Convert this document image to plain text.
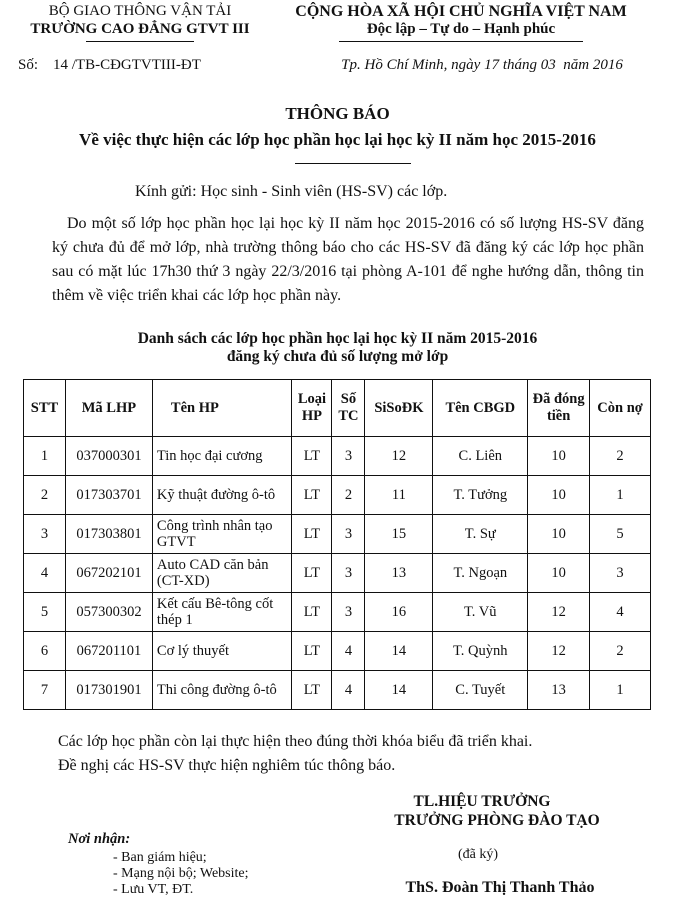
BỘ GIAO THÔNG VẬN TẢI
TRƯỜNG CAO ĐẲNG GTVT III
CỘNG HÒA XÃ HỘI CHỦ NGHĨA VIỆT NAM
Độc lập – Tự do – Hạnh phúc
Số:    14 /TB-CĐGTVTIII-ĐT	Tp. Hồ Chí Minh, ngày 17 tháng 03  năm 2016
THÔNG BÁO
Về việc thực hiện các lớp học phần học lại học kỳ II năm học 2015-2016
Kính gửi: Học sinh - Sinh viên (HS-SV) các lớp.
Do một số lớp học phần học lại học kỳ II năm học 2015-2016 có số lượng HS-SV đăng ký chưa đủ để mở lớp, nhà trường thông báo cho các HS-SV đã đăng ký các lớp học phần sau có mặt lúc 17h30 thứ 3 ngày 22/3/2016 tại phòng A-101 để nghe hướng dẫn, thông tin thêm về việc triển khai các lớp học phần này.
Danh sách các lớp học phần học lại học kỳ II năm 2015-2016
đăng ký chưa đủ số lượng mở lớp
STT	Mã LHP	Tên HP	Loại HP	Số TC	SiSoĐK	Tên CBGD	Đã đóng tiền	Còn nợ
1	037000301	Tin học đại cương	LT	3	12	C. Liên	10	2
2	017303701	Kỹ thuật đường ô-tô	LT	2	11	T. Tưởng	10	1
3	017303801	Công trình nhân tạo GTVT	LT	3	15	T. Sự	10	5
4	067202101	Auto CAD căn bản (CT-XD)	LT	3	13	T. Ngoạn	10	3
5	057300302	Kết cấu Bê-tông cốt thép 1	LT	3	16	T. Vũ	12	4
6	067201101	Cơ lý thuyết	LT	4	14	T. Quỳnh	12	2
7	017301901	Thi công đường ô-tô	LT	4	14	C. Tuyết	13	1
Các lớp học phần còn lại thực hiện theo đúng thời khóa biểu đã triển khai.
Đề nghị các HS-SV thực hiện nghiêm túc thông báo.
TL.HIỆU TRƯỞNG
TRƯỞNG PHÒNG ĐÀO TẠO
(đã ký)
ThS. Đoàn Thị Thanh Thảo
Nơi nhận:
- Ban giám hiệu;
- Mạng nội bộ; Website;
- Lưu VT, ĐT.
